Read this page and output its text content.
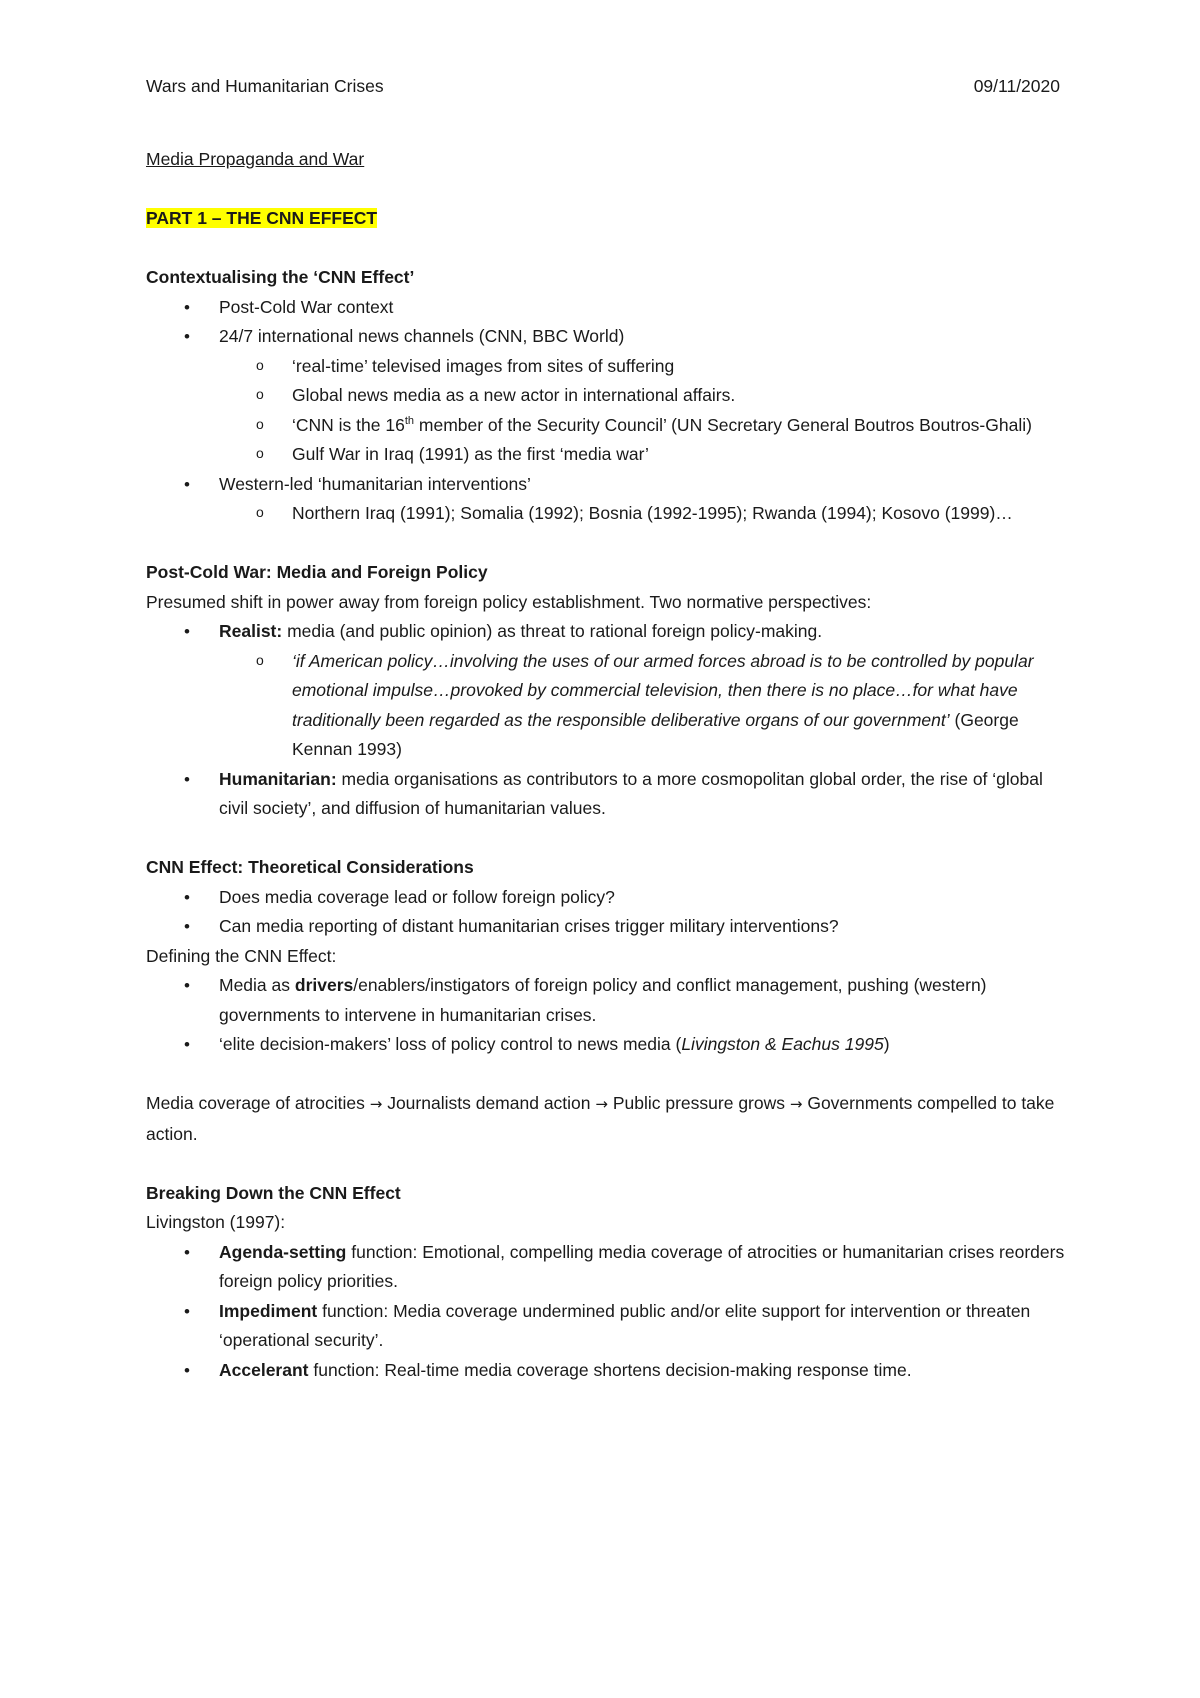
Wars and Humanitarian Crises	09/11/2020

Media Propaganda and War

PART 1 – THE CNN EFFECT

Contextualising the ‘CNN Effect’

• Post-Cold War context

• 24/7 international news channels (CNN, BBC World)

o ‘real-time’ televised images from sites of suffering

o Global news media as a new actor in international affairs.

o ‘CNN is the 16th member of the Security Council’ (UN Secretary General Boutros Boutros-Ghali)

o Gulf War in Iraq (1991) as the first ‘media war’

• Western-led ‘humanitarian interventions’

o Northern Iraq (1991); Somalia (1992); Bosnia (1992-1995); Rwanda (1994); Kosovo (1999)…

Post-Cold War: Media and Foreign Policy

Presumed shift in power away from foreign policy establishment. Two normative perspectives:

• Realist: media (and public opinion) as threat to rational foreign policy-making.

o ‘if American policy…involving the uses of our armed forces abroad is to be controlled by popular emotional impulse…provoked by commercial television, then there is no place…for what have traditionally been regarded as the responsible deliberative organs of our government’ (George Kennan 1993)

• Humanitarian: media organisations as contributors to a more cosmopolitan global order, the rise of ‘global civil society’, and diffusion of humanitarian values.

CNN Effect: Theoretical Considerations

• Does media coverage lead or follow foreign policy?

• Can media reporting of distant humanitarian crises trigger military interventions?

Defining the CNN Effect:

• Media as drivers/enablers/instigators of foreign policy and conflict management, pushing (western) governments to intervene in humanitarian crises.

• ‘elite decision-makers’ loss of policy control to news media (Livingston & Eachus 1995)

Media coverage of atrocities → Journalists demand action → Public pressure grows → Governments compelled to take action.

Breaking Down the CNN Effect

Livingston (1997):

• Agenda-setting function: Emotional, compelling media coverage of atrocities or humanitarian crises reorders foreign policy priorities.

• Impediment function: Media coverage undermined public and/or elite support for intervention or threaten ‘operational security’.

• Accelerant function: Real-time media coverage shortens decision-making response time.
